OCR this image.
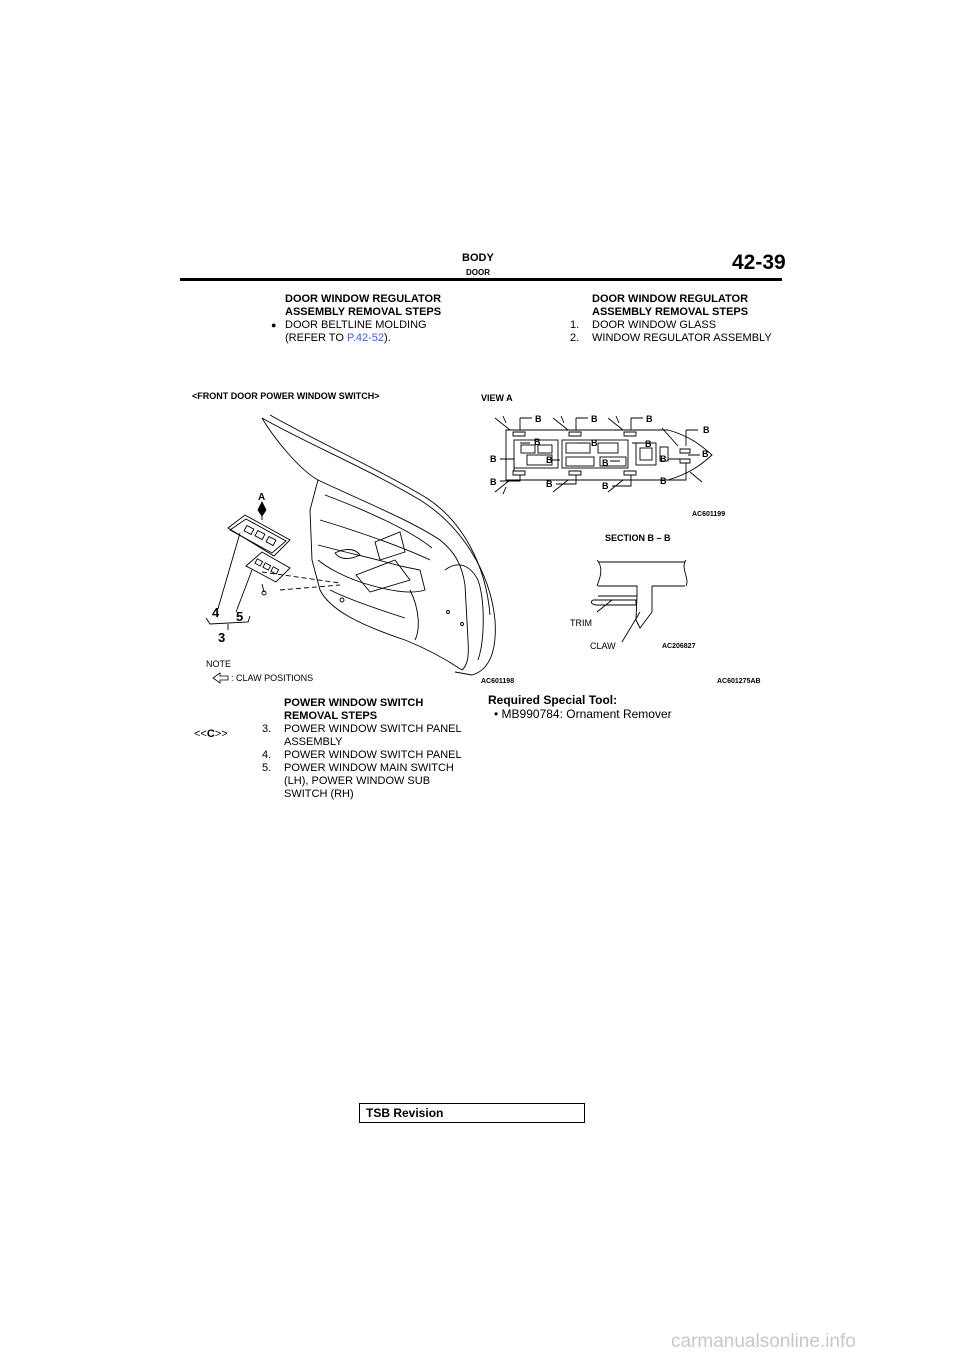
BODY
DOOR	42-39
DOOR WINDOW REGULATOR
ASSEMBLY REMOVAL STEPS
● DOOR BELTLINE MOLDING
(REFER TO P.42-52).
DOOR WINDOW REGULATOR
ASSEMBLY REMOVAL STEPS
1. DOOR WINDOW GLASS
2. WINDOW REGULATOR ASSEMBLY
<FRONT DOOR POWER WINDOW SWITCH>
A
4 5
3
NOTE
: CLAW POSITIONS	AC601198
VIEW A
B	B	B
B
B	B	B
B
B	B	B	B
B	B	B	B
AC601199
SECTION B – B
TRIM
CLAW	AC206827
AC601275AB
<<C>>
POWER WINDOW SWITCH
REMOVAL STEPS
3. POWER WINDOW SWITCH PANEL
ASSEMBLY
4. POWER WINDOW SWITCH PANEL
5. POWER WINDOW MAIN SWITCH
(LH), POWER WINDOW SUB
SWITCH (RH)
Required Special Tool:
• MB990784: Ornament Remover
TSB Revision
carmanualsonline.info
